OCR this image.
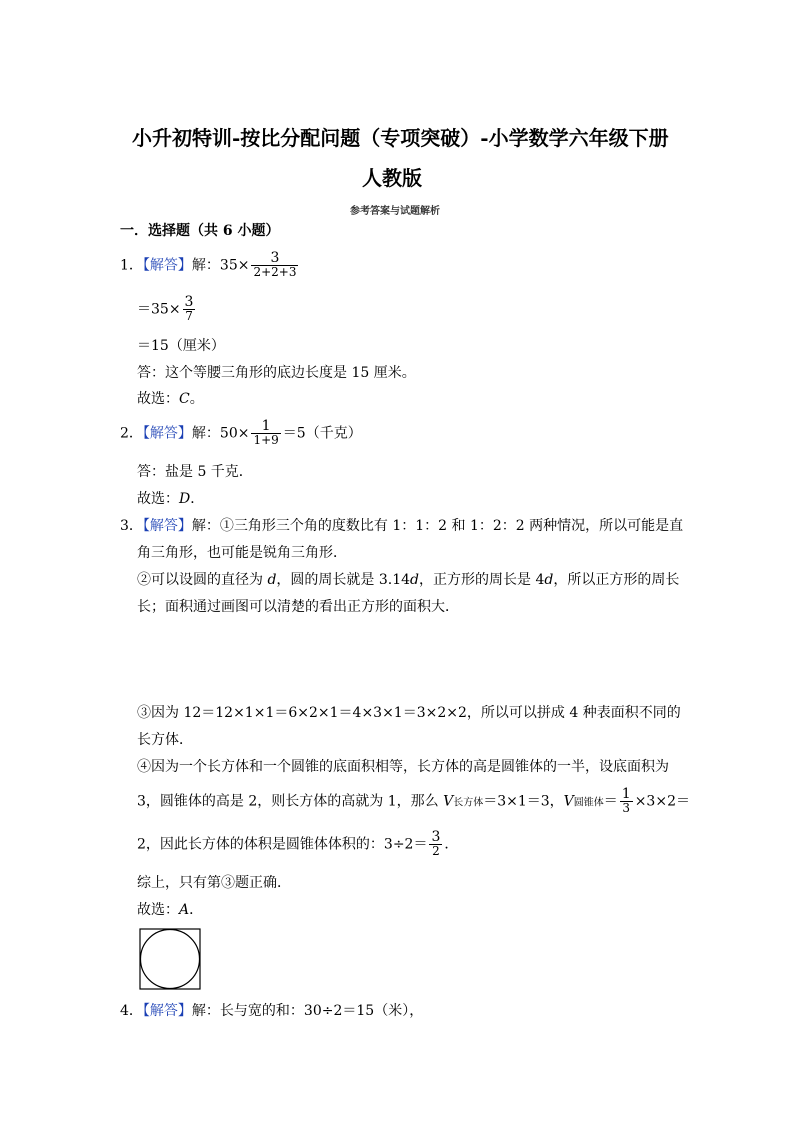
小升初特训-按比分配问题（专项突破）-小学数学六年级下册
人教版
参考答案与试题解析
一．选择题（共 6 小题）
1．【解答】解：$35\times \frac{3}{2+2+3}$
$=35\times \frac{3}{7}$
＝15（厘米）
答：这个等腰三角形的底边长度是 15 厘米。
故选：C。
2．【解答】解：$50\times \frac{1}{1+9} =5$（千克）
答：盐是 5 千克．
故选：D．
3．【解答】解：①三角形三个角的度数比有 1：1：2 和 1：2：2 两种情况，所以可能是直
角三角形，也可能是锐角三角形．
②可以设圆的直径为 d，圆的周长就是 3.14d，正方形的周长是 4d，所以正方形的周长
长；面积通过画图可以清楚的看出正方形的面积大．
③因为 12＝12×1×1＝6×2×1＝4×3×1＝3×2×2，所以可以拼成 4 种表面积不同的
长方体．
④因为一个长方体和一个圆锥的底面积相等，长方体的高是圆锥体的一半，设底面积为
3，圆锥体的高是 2，则长方体的高就为 1，那么 V长方体＝3×1＝3，V圆锥体＝ $\frac{1}{3} \times 3\times 2=$
2，因此长方体的体积是圆锥体体积的：$3\div 2= \frac{3}{2}$ ．
综上，只有第③题正确．
故选：A．
4．【解答】解：长与宽的和：30÷2＝15（米），
